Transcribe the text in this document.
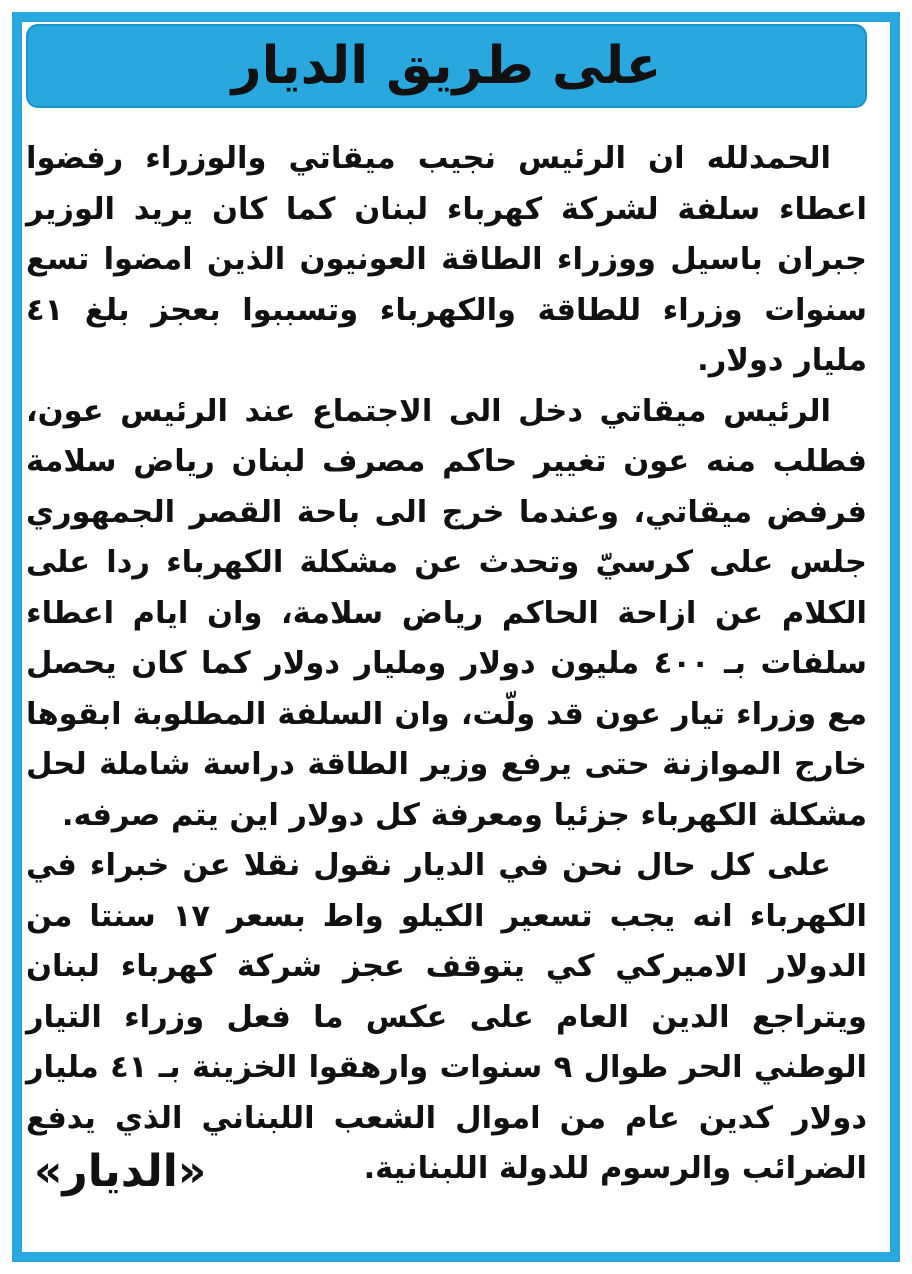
على طريق الديار

الحمدلله ان الرئيس نجيب ميقاتي والوزراء رفضوا اعطاء سلفة لشركة كهرباء لبنان كما كان يريد الوزير جبران باسيل ووزراء الطاقة العونيون الذين امضوا تسع سنوات وزراء للطاقة والكهرباء وتسببوا بعجز بلغ ٤١ مليار دولار.

الرئيس ميقاتي دخل الى الاجتماع عند الرئيس عون، فطلب منه عون تغيير حاكم مصرف لبنان رياض سلامة فرفض ميقاتي، وعندما خرج الى باحة القصر الجمهوري جلس على كرسيّ وتحدث عن مشكلة الكهرباء ردا على الكلام عن ازاحة الحاكم رياض سلامة، وان ايام اعطاء سلفات بـ ٤٠٠ مليون دولار ومليار دولار كما كان يحصل مع وزراء تيار عون قد ولّت، وان السلفة المطلوبة ابقوها خارج الموازنة حتى يرفع وزير الطاقة دراسة شاملة لحل مشكلة الكهرباء جزئيا ومعرفة كل دولار اين يتم صرفه.

على كل حال نحن في الديار نقول نقلا عن خبراء في الكهرباء انه يجب تسعير الكيلو واط بسعر ١٧ سنتا من الدولار الاميركي كي يتوقف عجز شركة كهرباء لبنان ويتراجع الدين العام على عكس ما فعل وزراء التيار الوطني الحر طوال ٩ سنوات وارهقوا الخزينة بـ ٤١ مليار دولار كدين عام من اموال الشعب اللبناني الذي يدفع الضرائب والرسوم للدولة اللبنانية.

«الديار»
